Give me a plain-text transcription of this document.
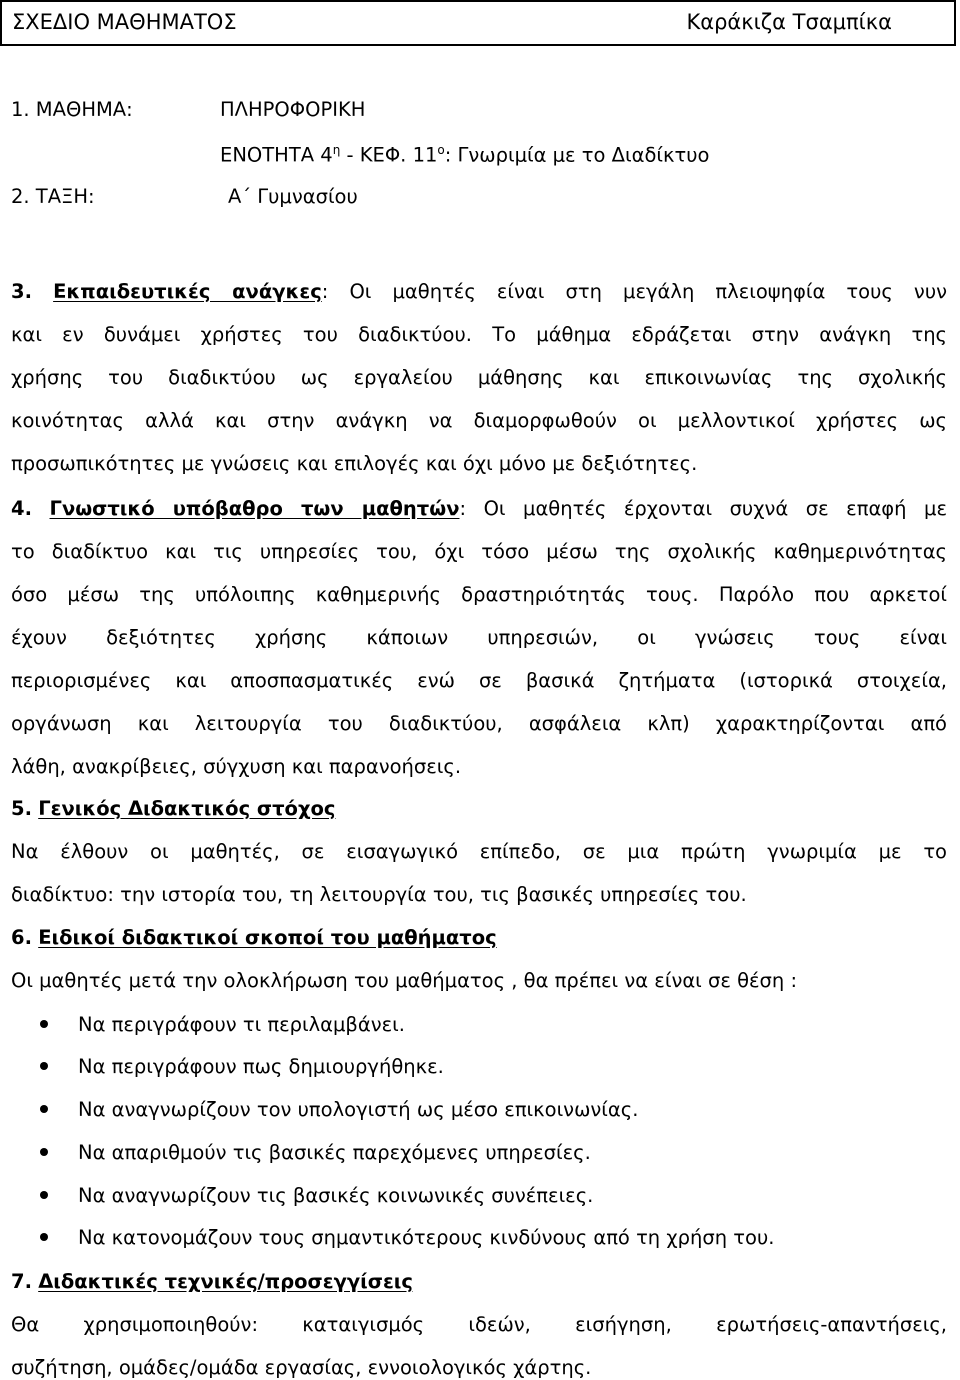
ΣΧΕΔΙΟ ΜΑΘΗΜΑΤΟΣ	Καράκιζα Τσαμπίκα
1. ΜΑΘΗΜΑ:	ΠΛΗΡΟΦΟΡΙΚΗ
ΕΝΟΤΗΤΑ $4^\eta$ - ΚΕΦ. $11^o$: Γνωριμία με το Διαδίκτυο
2. ΤΑΞΗ:	Α΄ Γυμνασίου
3. Εκπαιδευτικές ανάγκες: Οι μαθητές είναι στη μεγάλη πλειοψηφία τους νυν
και εν δυνάμει χρήστες του διαδικτύου. Το μάθημα εδράζεται στην ανάγκη της
χρήσης του διαδικτύου ως εργαλείου μάθησης και επικοινωνίας της σχολικής
κοινότητας αλλά και στην ανάγκη να διαμορφωθούν οι μελλοντικοί χρήστες ως
προσωπικότητες με γνώσεις και επιλογές και όχι μόνο με δεξιότητες.
4. Γνωστικό υπόβαθρο των μαθητών: Οι μαθητές έρχονται συχνά σε επαφή με
το διαδίκτυο και τις υπηρεσίες του, όχι τόσο μέσω της σχολικής καθημερινότητας
όσο μέσω της υπόλοιπης καθημερινής δραστηριότητάς τους. Παρόλο που αρκετοί
έχουν δεξιότητες χρήσης κάποιων υπηρεσιών, οι γνώσεις τους είναι
περιορισμένες και αποσπασματικές ενώ σε βασικά ζητήματα (ιστορικά στοιχεία,
οργάνωση και λειτουργία του διαδικτύου, ασφάλεια κλπ) χαρακτηρίζονται από
λάθη, ανακρίβειες, σύγχυση και παρανοήσεις.
5. Γενικός Διδακτικός στόχος
Να έλθουν οι μαθητές, σε εισαγωγικό επίπεδο, σε μια πρώτη γνωριμία με το
διαδίκτυο: την ιστορία του, τη λειτουργία του, τις βασικές υπηρεσίες του.
6. Ειδικοί διδακτικοί σκοποί του μαθήματος
Οι μαθητές μετά την ολοκλήρωση του μαθήματος , θα πρέπει να είναι σε θέση :
Να περιγράφουν τι περιλαμβάνει.
Να περιγράφουν πως δημιουργήθηκε.
Να αναγνωρίζουν τον υπολογιστή ως μέσο επικοινωνίας.
Να απαριθμούν τις βασικές παρεχόμενες υπηρεσίες.
Να αναγνωρίζουν τις βασικές κοινωνικές συνέπειες.
Να κατονομάζουν τους σημαντικότερους κινδύνους από τη χρήση του.
7. Διδακτικές τεχνικές/προσεγγίσεις
Θα χρησιμοποιηθούν: καταιγισμός ιδεών, εισήγηση, ερωτήσεις-απαντήσεις,
συζήτηση, ομάδες/ομάδα εργασίας, εννοιολογικός χάρτης.
